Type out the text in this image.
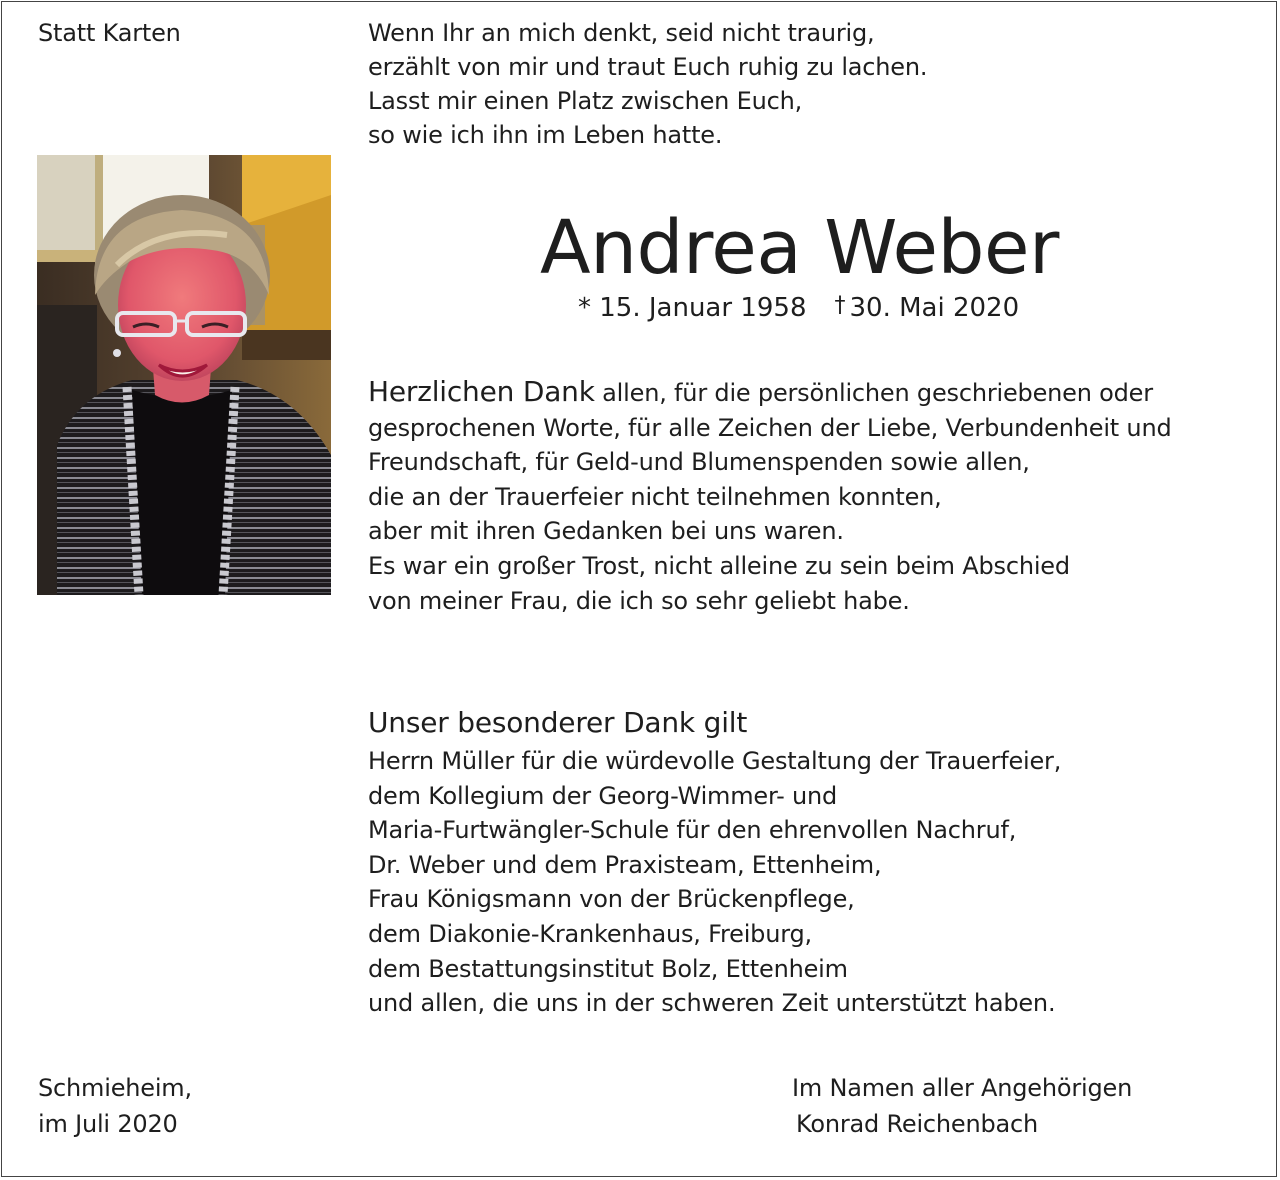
Statt Karten	Wenn Ihr an mich denkt, seid nicht traurig,
erzählt von mir und traut Euch ruhig zu lachen.
Lasst mir einen Platz zwischen Euch,
so wie ich ihn im Leben hatte.
Andrea Weber
* 15. Januar 1958 † 30. Mai 2020
Herzlichen Dank allen, für die persönlichen geschriebenen oder
gesprochenen Worte, für alle Zeichen der Liebe, Verbundenheit und
Freundschaft, für Geld-und Blumenspenden sowie allen,
die an der Trauerfeier nicht teilnehmen konnten,
aber mit ihren Gedanken bei uns waren.
Es war ein großer Trost, nicht alleine zu sein beim Abschied
von meiner Frau, die ich so sehr geliebt habe.
Unser besonderer Dank gilt
Herrn Müller für die würdevolle Gestaltung der Trauerfeier,
dem Kollegium der Georg-Wimmer- und
Maria-Furtwängler-Schule für den ehrenvollen Nachruf,
Dr. Weber und dem Praxisteam, Ettenheim,
Frau Königsmann von der Brückenpflege,
dem Diakonie-Krankenhaus, Freiburg,
dem Bestattungsinstitut Bolz, Ettenheim
und allen, die uns in der schweren Zeit unterstützt haben.
Schmieheim,
im Juli 2020
Im Namen aller Angehörigen
Konrad Reichenbach
